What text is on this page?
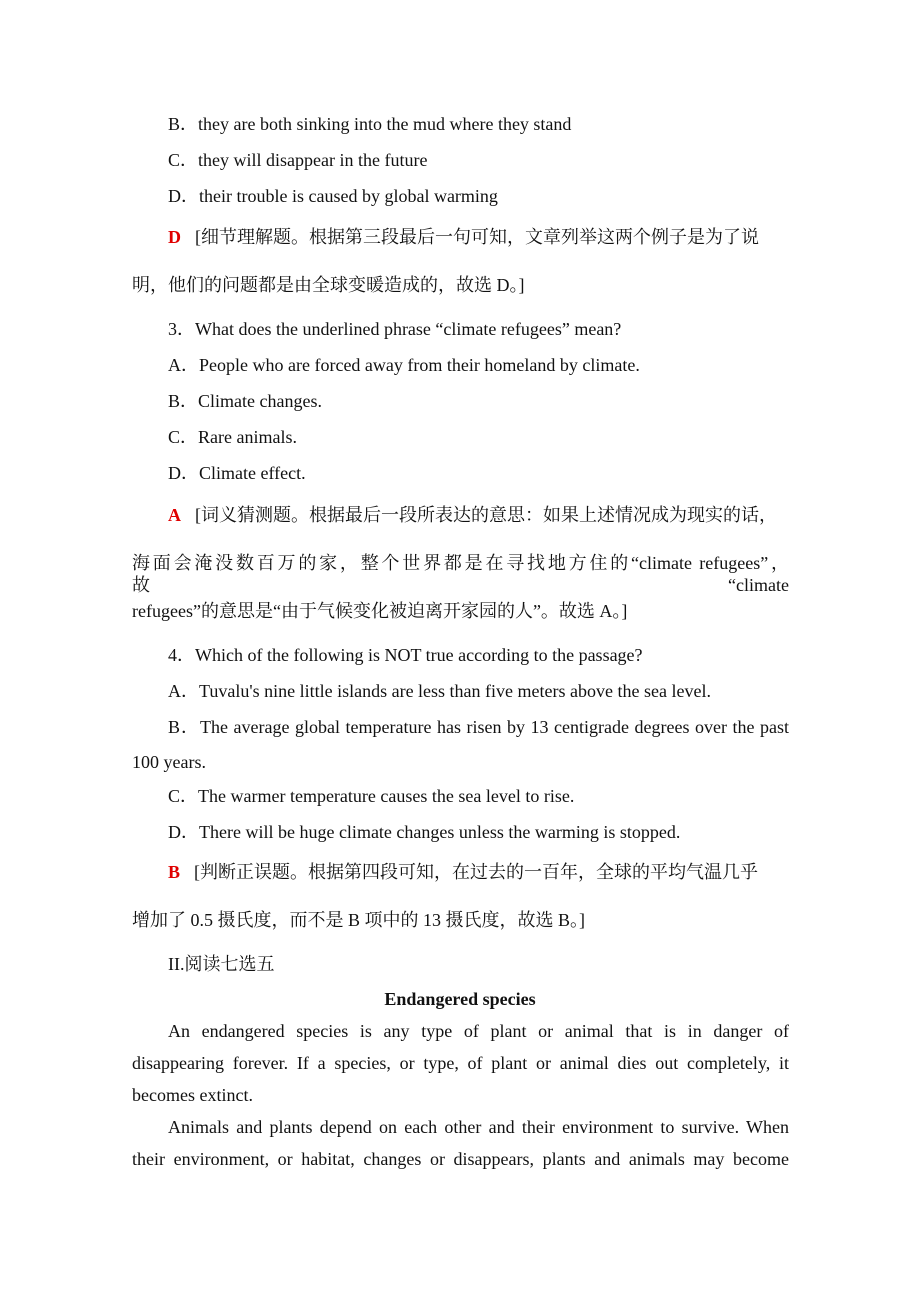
B．they are both sinking into the mud where they stand
C．they will disappear in the future
D．their trouble is caused by global warming
D [细节理解题。根据第三段最后一句可知，文章列举这两个例子是为了说
明，他们的问题都是由全球变暖造成的，故选 D。]
3．What does the underlined phrase “climate refugees” mean?
A．People who are forced away from their homeland by climate.
B．Climate changes.
C．Rare animals.
D．Climate effect.
A [词义猜测题。根据最后一段所表达的意思：如果上述情况成为现实的话，
海面会淹没数百万的家，整个世界都是在寻找地方住的“climate refugees”，故“climate
refugees”的意思是“由于气候变化被迫离开家园的人”。故选 A。]
4．Which of the following is NOT true according to the passage?
A．Tuvalu's nine little islands are less than five meters above the sea level.
B．The average global temperature has risen by 13 centigrade degrees over the past
100 years.
C．The warmer temperature causes the sea level to rise.
D．There will be huge climate changes unless the warming is stopped.
B [判断正误题。根据第四段可知，在过去的一百年，全球的平均气温几乎
增加了 0.5 摄氏度，而不是 B 项中的 13 摄氏度，故选 B。]
II.阅读七选五
Endangered species
An endangered species is any type of plant or animal that is in danger of
disappearing forever. If a species, or type, of plant or animal dies out completely, it
becomes extinct.
Animals and plants depend on each other and their environment to survive. When
their environment, or habitat, changes or disappears, plants and animals may become
